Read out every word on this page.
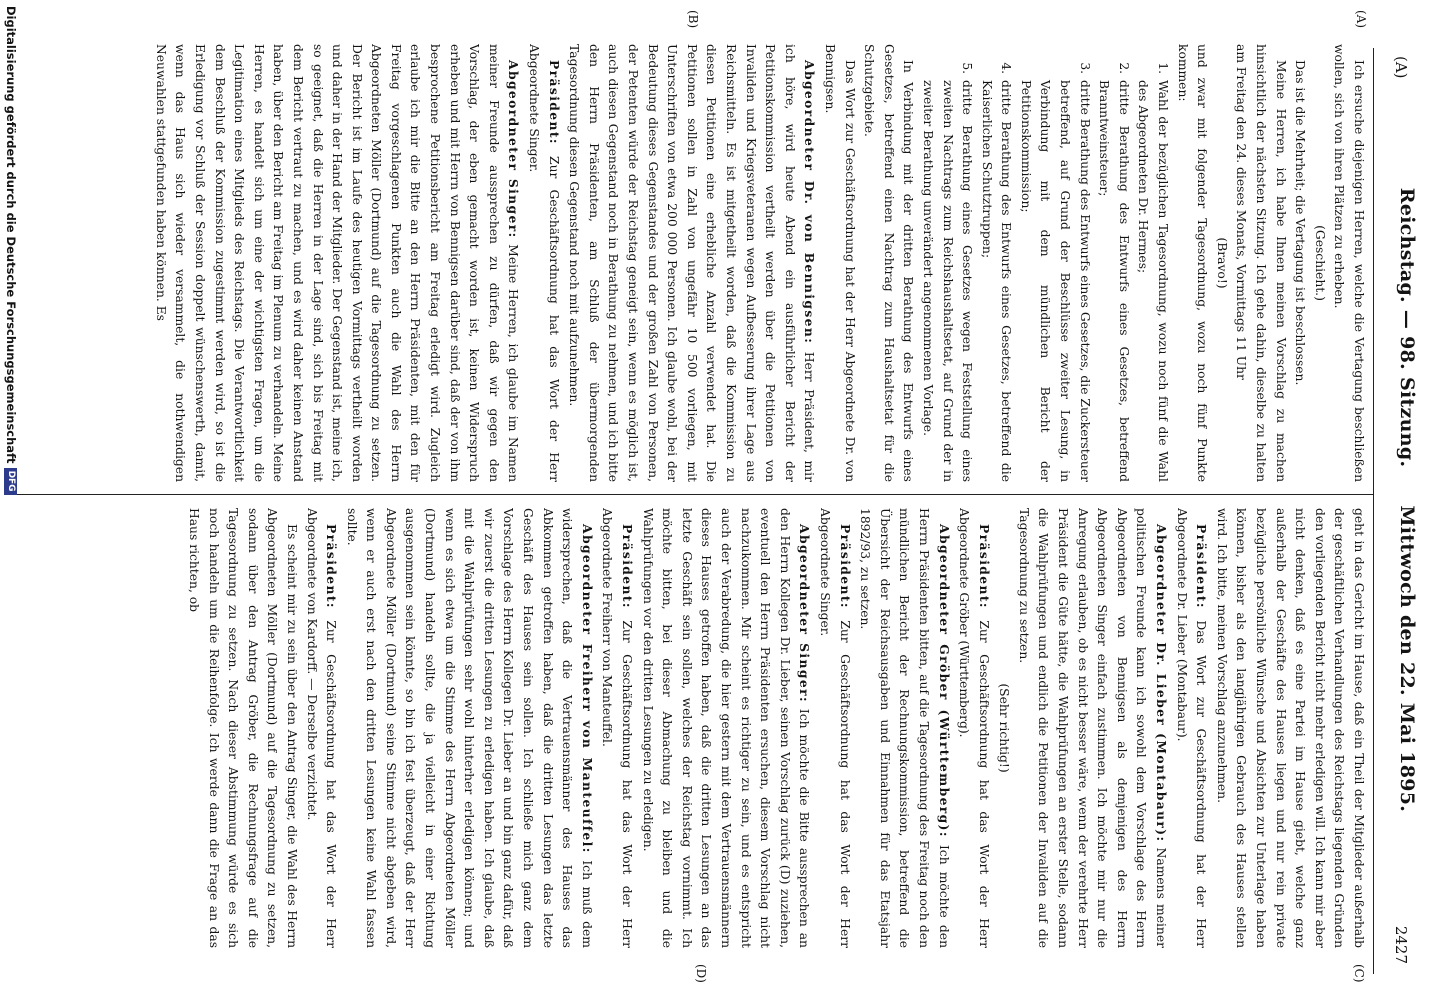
(A)
Reichstag. — 98. Sitzung.      Mittwoch den 22. Mai 1895.
2427
(A)
(B)
(C)
(D)

Ich ersuche diejenigen Herren, welche die Vertagung beschließen wollen, sich von ihren Plätzen zu erheben.

(Geschieht.)

Das ist die Mehrheit; die Vertagung ist beschlossen.

Meine Herren, ich habe Ihnen meinen Vorschlag zu machen hinsichtlich der nächsten Sitzung. Ich gehe dahin, dieselbe zu halten am Freitag den 24. dieses Monats, Vormittags 11 Uhr

(Bravo!)

und zwar mit folgender Tagesordnung, wozu noch fünf Punkte kommen:

1. Wahl der bezüglichen Tagesordnung, wozu noch fünf die Wahl des Abgeordneten Dr. Hermes;
2. dritte Berathung des Entwurfs eines Gesetzes, betreffend Branntweinsteuer;
3. dritte Berathung des Entwurfs eines Gesetzes, die Zuckersteuer betreffend, auf Grund der Beschlüsse zweiter Lesung, in Verbindung mit dem mündlichen Bericht der Petitionskommission;
4. dritte Berathung des Entwurfs eines Gesetzes, betreffend die Kaiserlichen Schutztruppen;
5. dritte Berathung eines Gesetzes wegen Feststellung eines zweiten Nachtrags zum Reichshaushaltsetat, auf Grund der in zweiter Berathung unverändert angenommenen Vorlage.

In Verbindung mit der dritten Berathung des Entwurfs eines Gesetzes, betreffend einen Nachtrag zum Haushaltsetat für die Schutzgebiete.

Das Wort zur Geschäftsordnung hat der Herr Abgeordnete Dr. von Bennigsen.

Abgeordneter Dr. von Bennigsen: Herr Präsident, mir ich höre, wird heute Abend ein ausführlicher Bericht der Petitionskommission vertheilt werden über die Petitionen von Invaliden und Kriegsveteranen wegen Aufbesserung ihrer Lage aus Reichsmitteln. Es ist mitgetheilt worden, daß die Kommission zu diesen Petitionen eine erhebliche Anzahl verwendet hat. Die Petitionen sollen in Zahl von ungefähr 10 500 vorliegen, mit Unterschriften von etwa 200 000 Personen. Ich glaube wohl, bei der Bedeutung dieses Gegenstandes und der großen Zahl von Personen, der Petenten würde der Reichstag geneigt sein, wenn es möglich ist, auch diesen Gegenstand noch in Berathung zu nehmen, und ich bitte den Herrn Präsidenten, am Schluß der übermorgenden Tagesordnung diesen Gegenstand noch mit aufzunehmen.

Präsident: Zur Geschäftsordnung hat das Wort der Herr Abgeordnete Singer.

Abgeordneter Singer: Meine Herren, ich glaube im Namen meiner Freunde aussprechen zu dürfen, daß wir gegen den Vorschlag, der eben gemacht worden ist, keinen Widerspruch erheben und mit Herrn von Bennigsen darüber sind, daß der von ihm besprochene Petitionsbericht am Freitag erledigt wird. Zugleich erlaube ich mir die Bitte an den Herrn Präsidenten, mit den für Freitag vorgeschlagenen Punkten auch die Wahl des Herrn Abgeordneten Möller (Dortmund) auf die Tagesordnung zu setzen. Der Bericht ist im Laufe des heutigen Vormittags vertheilt worden und daher in der Hand der Mitglieder. Der Gegenstand ist, meine ich, so geeignet, daß die Herren in der Lage sind, sich bis Freitag mit dem Bericht vertraut zu machen, und es wird daher keinen Anstand haben, über den Bericht am Freitag im Plenum zu verhandeln. Meine Herren, es handelt sich um eine der wichtigsten Fragen, um die Legitimation eines Mitglieds des Reichstags. Die Verantwortlichkeit dem Beschluß der Kommission zugestimmt werden wird, so ist die Erledigung vor Schluß der Session doppelt wünschenswerth, damit, wenn das Haus sich wieder versammelt, die nothwendigen Neuwahlen stattgefunden haben können. Es

geht in das Gericht im Hause, daß ein Theil der Mitglieder außerhalb der geschäftlichen Verhandlungen des Reichstags liegenden Gründen den vorliegenden Bericht nicht mehr erledigen will. Ich kann mir aber nicht denken, daß es eine Partei im Hause giebt, welche ganz außerhalb der Geschäfte des Hauses liegen und nur rein private bezügliche persönliche Wünsche und Absichten zur Unterlage haben können, bisher als den langjährigen Gebrauch des Hauses stellen wird. Ich bitte, meinen Vorschlag anzunehmen.

Präsident: Das Wort zur Geschäftsordnung hat der Herr Abgeordnete Dr. Lieber (Montabaur).

Abgeordneter Dr. Lieber (Montabaur): Namens meiner politischen Freunde kann ich sowohl dem Vorschlage des Herrn Abgeordneten von Bennigsen als demjenigen des Herrn Abgeordneten Singer einfach zustimmen. Ich möchte mir nur die Anregung erlauben, ob es nicht besser wäre, wenn der verehrte Herr Präsident die Güte hätte, die Wahlprüfungen an erster Stelle, sodann die Wahlprüfungen und endlich die Petitionen der Invaliden auf die Tagesordnung zu setzen.

(Sehr richtig!)

Präsident: Zur Geschäftsordnung hat das Wort der Herr Abgeordnete Gröber (Württemberg).

Abgeordneter Gröber (Württemberg): Ich möchte den Herrn Präsidenten bitten, auf die Tagesordnung des Freitag noch den mündlichen Bericht der Rechnungskommission, betreffend die Übersicht der Reichsausgaben und Einnahmen für das Etatsjahr 1892/93, zu setzen.

Präsident: Zur Geschäftsordnung hat das Wort der Herr Abgeordnete Singer.

Abgeordneter Singer: Ich möchte die Bitte aussprechen an den Herrn Kollegen Dr. Lieber, seinen Vorschlag zurück (D) zuziehen, eventuell den Herrn Präsidenten ersuchen, diesem Vorschlag nicht nachzukommen. Mir scheint es richtiger zu sein, und es entspricht auch der Verabredung, die hier gestern mit dem Vertrauensmännern dieses Hauses getroffen haben, daß die dritten Lesungen an das letzte Geschäft sein sollen, welches der Reichstag vornimmt. Ich möchte bitten, bei dieser Abmachung zu bleiben und die Wahlprüfungen vor den dritten Lesungen zu erledigen.

Präsident: Zur Geschäftsordnung hat das Wort der Herr Abgeordnete Freiherr von Manteuffel.

Abgeordneter Freiherr von Manteuffel: Ich muß dem widersprechen, daß die Vertrauensmänner des Hauses das Abkommen getroffen haben, daß die dritten Lesungen das letzte Geschäft des Hauses sein sollen. Ich schließe mich ganz dem Vorschlage des Herrn Kollegen Dr. Lieber an und bin ganz dafür, daß wir zuerst die dritten Lesungen zu erledigen haben. Ich glaube, daß mit die Wahlprüfungen sehr wohl hinterher erledigen können; und wenn es sich etwa um die Stimme des Herrn Abgeordneten Möller (Dortmund) handeln sollte, die ja vielleicht in einer Richtung ausgenommen sein könnte, so bin ich fest überzeugt, daß der Herr Abgeordnete Möller (Dortmund) seine Stimme nicht abgeben wird, wenn er auch erst nach den dritten Lesungen keine Wahl fassen sollte.

Präsident: Zur Geschäftsordnung hat das Wort der Herr Abgeordnete von Kardorff. — Derselbe verzichtet.

Es scheint mir zu sein über den Antrag Singer, die Wahl des Herrn Abgeordneten Möller (Dortmund) auf die Tagesordnung zu setzen, sodann über den Antrag Gröber, die Rechnungsfrage auf die Tagesordnung zu setzen. Nach dieser Abstimmung würde es sich noch handeln um die Reihenfolge. Ich werde dann die Frage an das Haus richten, ob

Digitalisierung gefördert durch die Deutsche ForschungsgemeinschaftDFG
